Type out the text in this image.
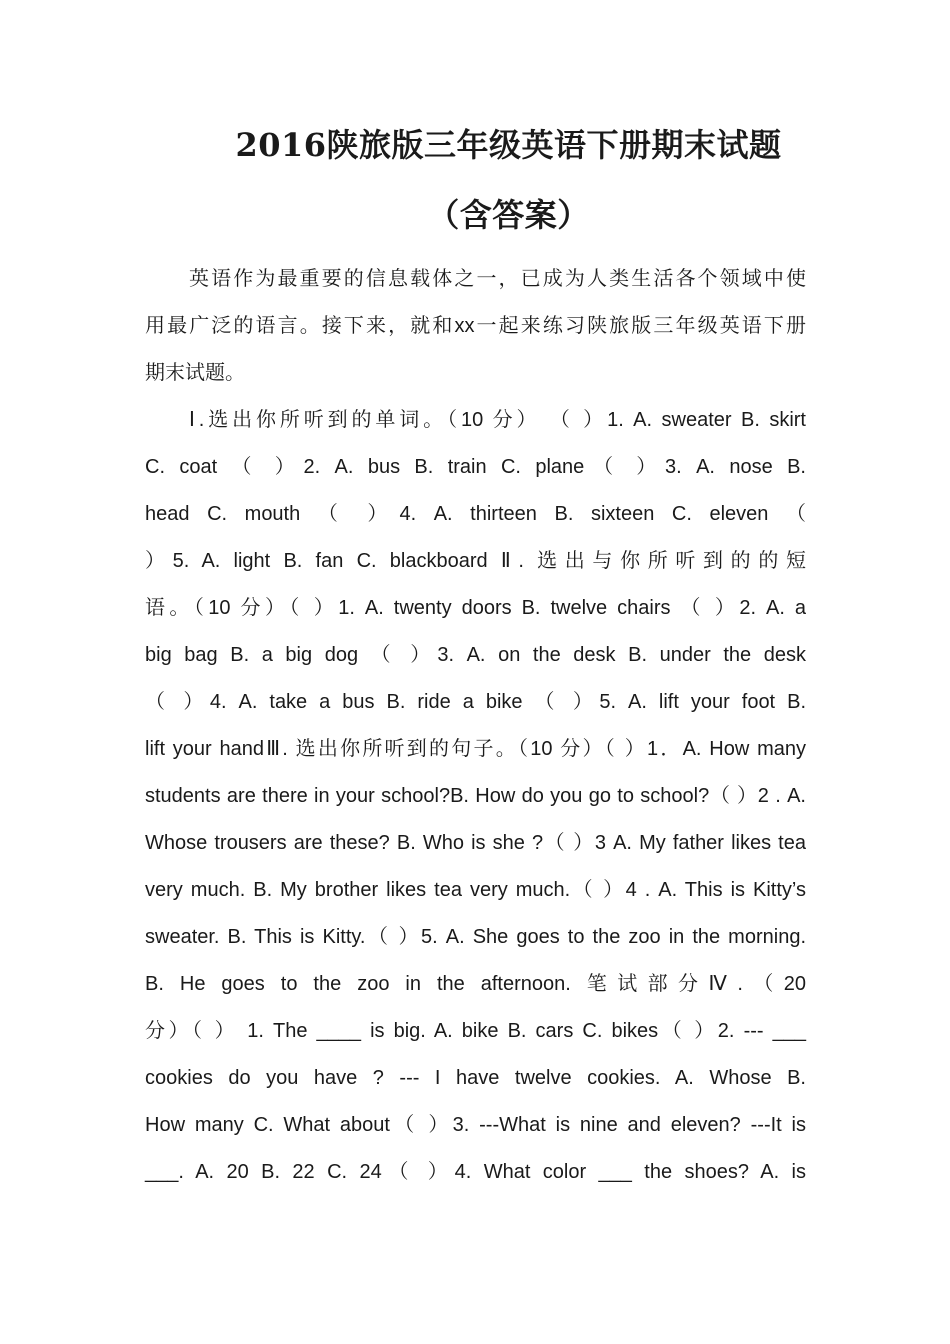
2016陕旅版三年级英语下册期末试题
（含答案）
英语作为最重要的信息载体之一，已成为人类生活各个领域中使
用最广泛的语言。接下来，就和xx一起来练习陕旅版三年级英语下册
期末试题。
Ⅰ.选出你所听到的单词。（10 分） （ ）1. A. sweater B. skirt
C. coat （ ）2. A. bus B. train C. plane（ ）3. A. nose B.
head C. mouth （ ）4. A. thirteen B. sixteen C. eleven （
）5. A. light B. fan C. blackboard Ⅱ. 选出与你所听到的的短
语。（10 分）（ ）1. A. twenty doors B. twelve chairs （ ）2. A. a
big bag B. a big dog （ ）3. A. on the desk B. under the desk
（ ）4. A. take a bus B. ride a bike （ ）5. A. lift your foot B.
lift your handⅢ. 选出你所听到的句子。（10 分）（ ）1．A. How many
students are there in your school?B. How do you go to school?（ ）2 . A.
Whose trousers are these? B. Who is she ?（ ）3 A. My father likes tea
very much. B. My brother likes tea very much.（ ）4 . A. This is Kitty’s
sweater. B. This is Kitty.（ ）5. A. She goes to the zoo in the morning.
B. He goes to the zoo in the afternoon. 笔试部分Ⅳ.（20
分）（ ） 1. The ____ is big. A. bike B. cars C. bikes（ ）2. --- ___
cookies do you have ? --- I have twelve cookies. A. Whose B.
How many C. What about（ ）3. ---What is nine and eleven? ---It is
___. A. 20 B. 22 C. 24（ ）4. What color ___ the shoes? A. is
